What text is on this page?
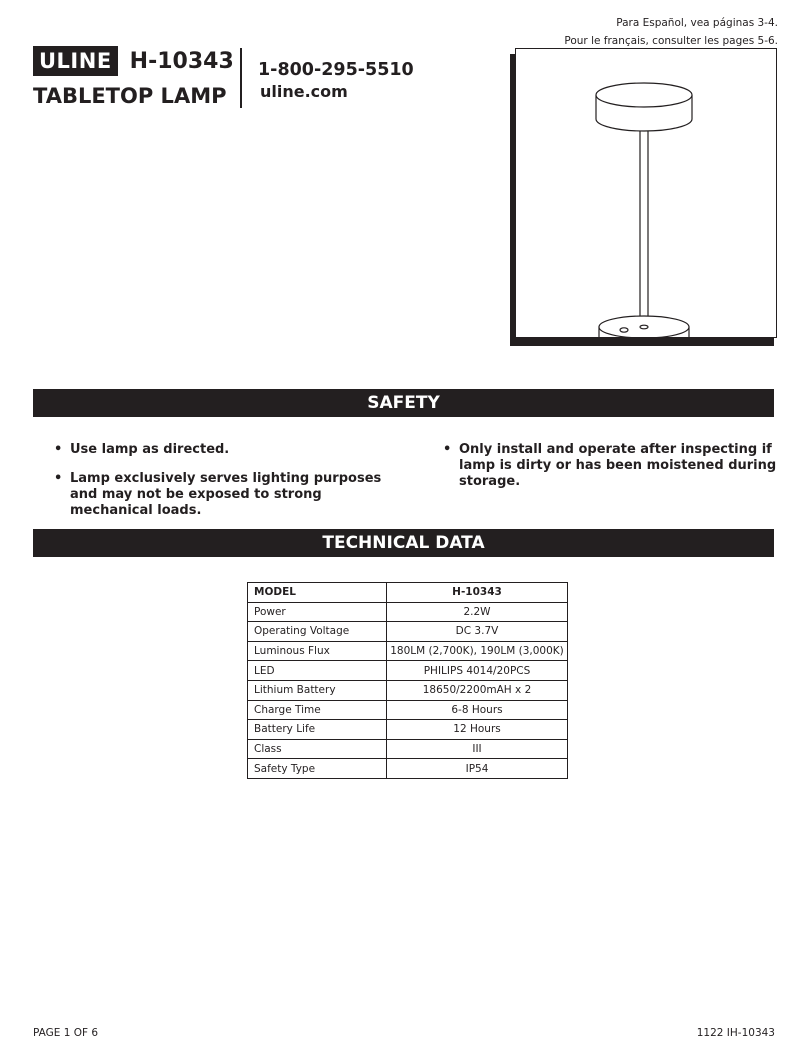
Para Español, vea páginas 3-4.
Pour le français, consulter les pages 5-6.
ULINE H-10343
TABLETOP LAMP
1-800-295-5510
uline.com
SAFETY
• Use lamp as directed.
• Lamp exclusively serves lighting purposes and may not be exposed to strong mechanical loads.
• Only install and operate after inspecting if lamp is dirty or has been moistened during storage.
TECHNICAL DATA
MODEL	H-10343
Power	2.2W
Operating Voltage	DC 3.7V
Luminous Flux	180LM (2,700K), 190LM (3,000K)
LED	PHILIPS 4014/20PCS
Lithium Battery	18650/2200mAH x 2
Charge Time	6-8 Hours
Battery Life	12 Hours
Class	III
Safety Type	IP54
PAGE 1 OF 6	1122 IH-10343
